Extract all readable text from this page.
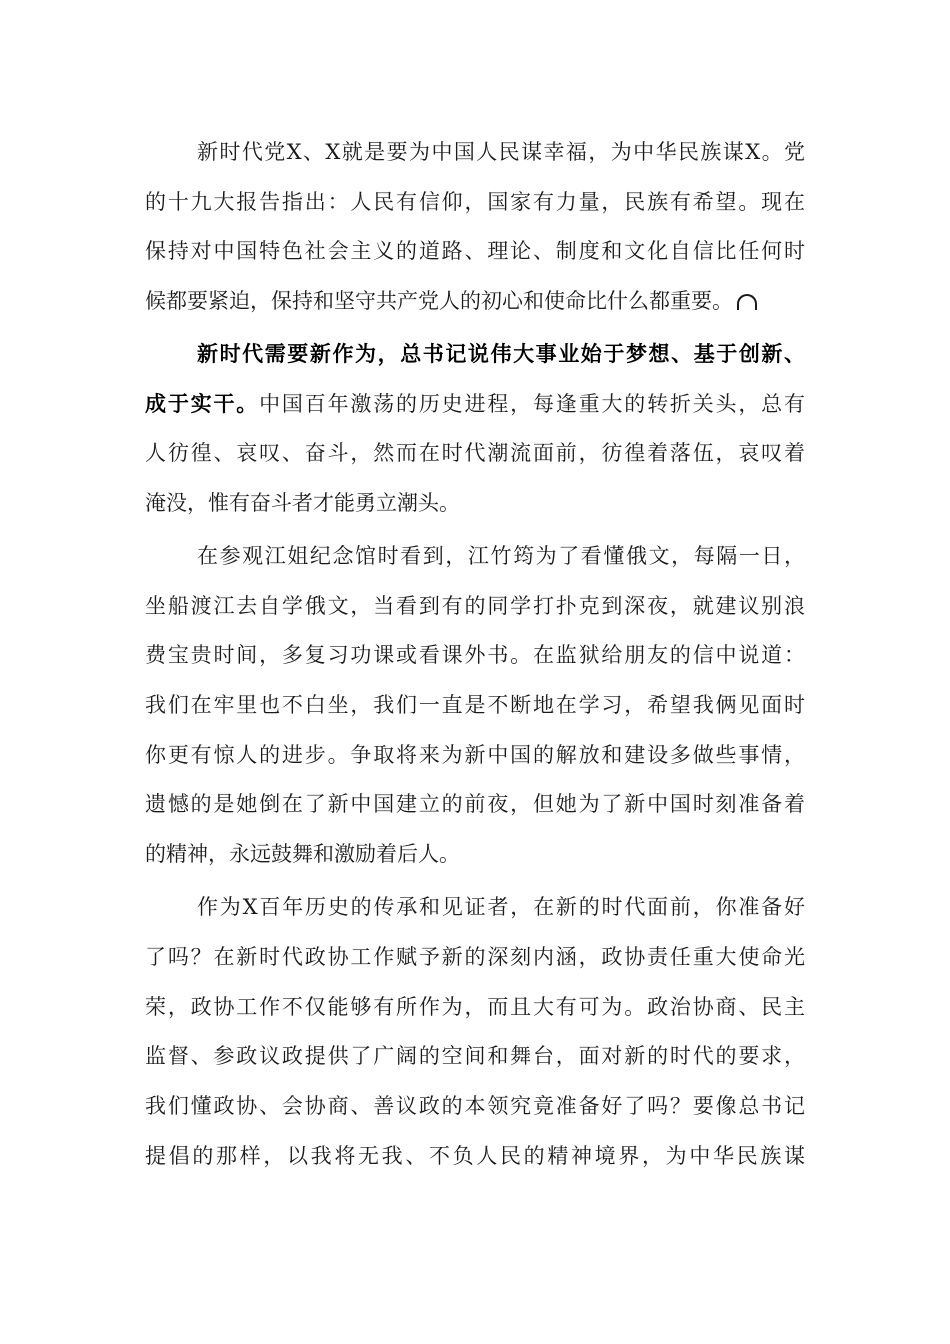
新时代党X、X就是要为中国人民谋幸福，为中华民族谋X。党
的十九大报告指出：人民有信仰，国家有力量，民族有希望。现在
保持对中国特色社会主义的道路、理论、制度和文化自信比任何时
候都要紧迫，保持和坚守共产党人的初心和使命比什么都重要。
新时代需要新作为，总书记说伟大事业始于梦想、基于创新、
成于实干。中国百年激荡的历史进程，每逢重大的转折关头，总有
人彷徨、哀叹、奋斗，然而在时代潮流面前，彷徨着落伍，哀叹着
淹没，惟有奋斗者才能勇立潮头。
在参观江姐纪念馆时看到，江竹筠为了看懂俄文，每隔一日，
坐船渡江去自学俄文，当看到有的同学打扑克到深夜，就建议别浪
费宝贵时间，多复习功课或看课外书。在监狱给朋友的信中说道：
我们在牢里也不白坐，我们一直是不断地在学习，希望我俩见面时
你更有惊人的进步。争取将来为新中国的解放和建设多做些事情，
遗憾的是她倒在了新中国建立的前夜，但她为了新中国时刻准备着
的精神，永远鼓舞和激励着后人。
作为X百年历史的传承和见证者，在新的时代面前，你准备好
了吗？在新时代政协工作赋予新的深刻内涵，政协责任重大使命光
荣，政协工作不仅能够有所作为，而且大有可为。政治协商、民主
监督、参政议政提供了广阔的空间和舞台，面对新的时代的要求，
我们懂政协、会协商、善议政的本领究竟准备好了吗？要像总书记
提倡的那样，以我将无我、不负人民的精神境界，为中华民族谋
